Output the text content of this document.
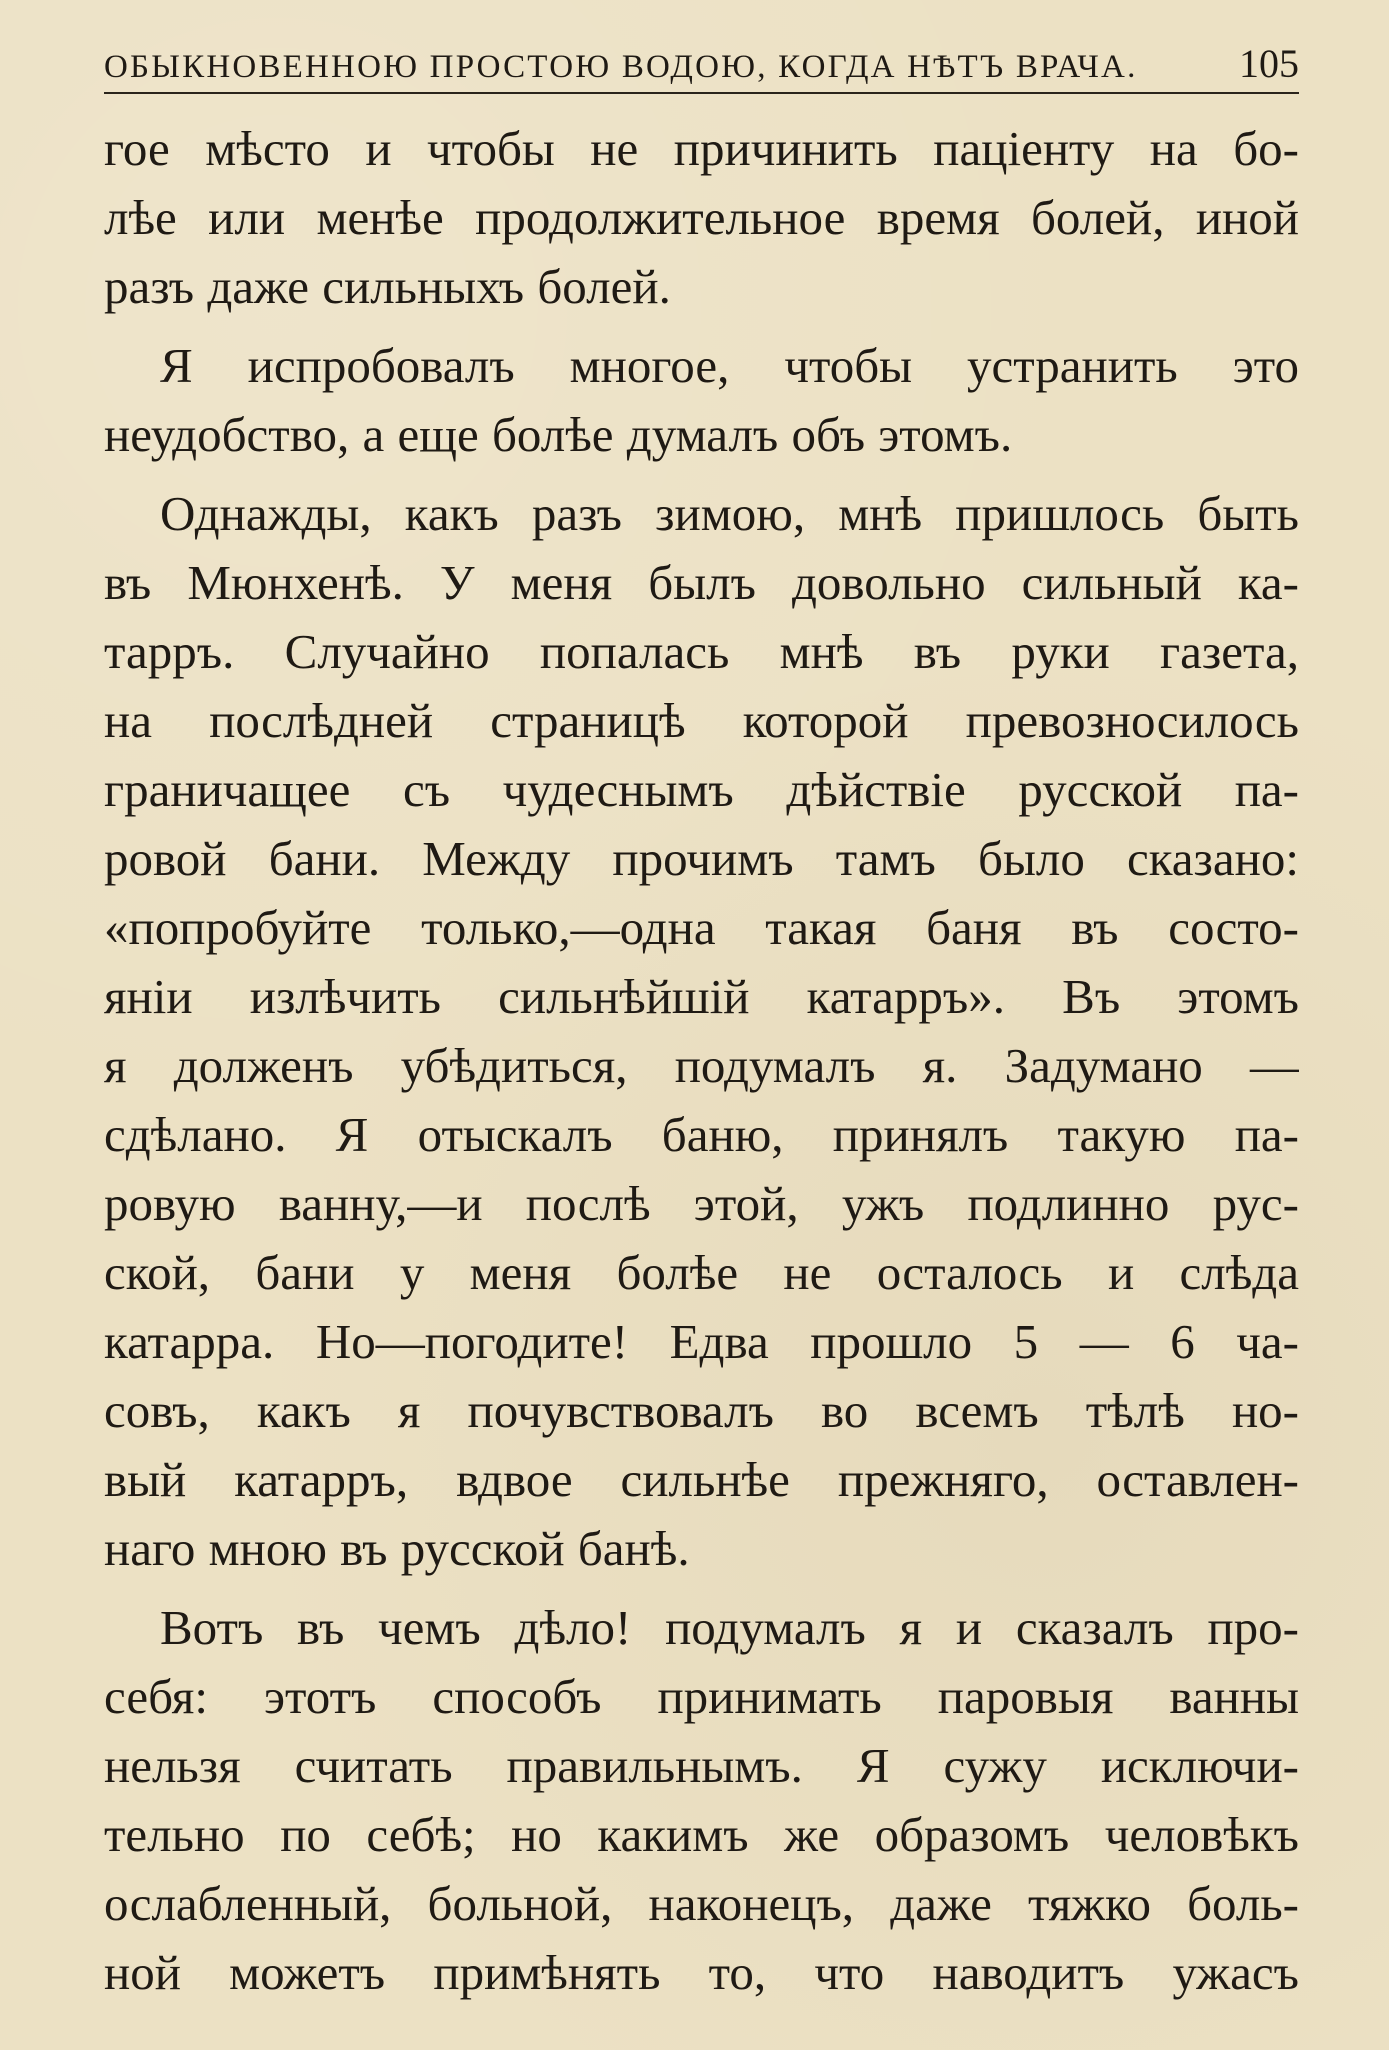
ОБЫКНОВЕННОЮ ПРОСТОЮ ВОДОЮ, КОГДА НѢТЪ ВРАЧА.	105
гое мѣсто и чтобы не причинить паціенту на бо-
лѣе или менѣе продолжительное время болей, иной
разъ даже сильныхъ болей.
Я испробовалъ многое, чтобы устранить это
неудобство, а еще болѣе думалъ объ этомъ.
Однажды, какъ разъ зимою, мнѣ пришлось быть
въ Мюнхенѣ. У меня былъ довольно сильный ка-
тарръ. Случайно попалась мнѣ въ руки газета,
на послѣдней страницѣ которой превозносилось
граничащее съ чудеснымъ дѣйствіе русской па-
ровой бани. Между прочимъ тамъ было сказано:
«попробуйте только,—одна такая баня въ состо-
яніи излѣчить сильнѣйшій катарръ». Въ этомъ
я долженъ убѣдиться, подумалъ я. Задумано —
сдѣлано. Я отыскалъ баню, принялъ такую па-
ровую ванну,—и послѣ этой, ужъ подлинно рус-
ской, бани у меня болѣе не осталось и слѣда
катарра. Но—погодите! Едва прошло 5 — 6 ча-
совъ, какъ я почувствовалъ во всемъ тѣлѣ но-
вый катарръ, вдвое сильнѣе прежняго, оставлен-
наго мною въ русской банѣ.
Вотъ въ чемъ дѣло! подумалъ я и сказалъ про-
себя: этотъ способъ принимать паровыя ванны
нельзя считать правильнымъ. Я сужу исключи-
тельно по себѣ; но какимъ же образомъ человѣкъ
ослабленный, больной, наконецъ, даже тяжко боль-
ной можетъ примѣнять то, что наводитъ ужасъ
